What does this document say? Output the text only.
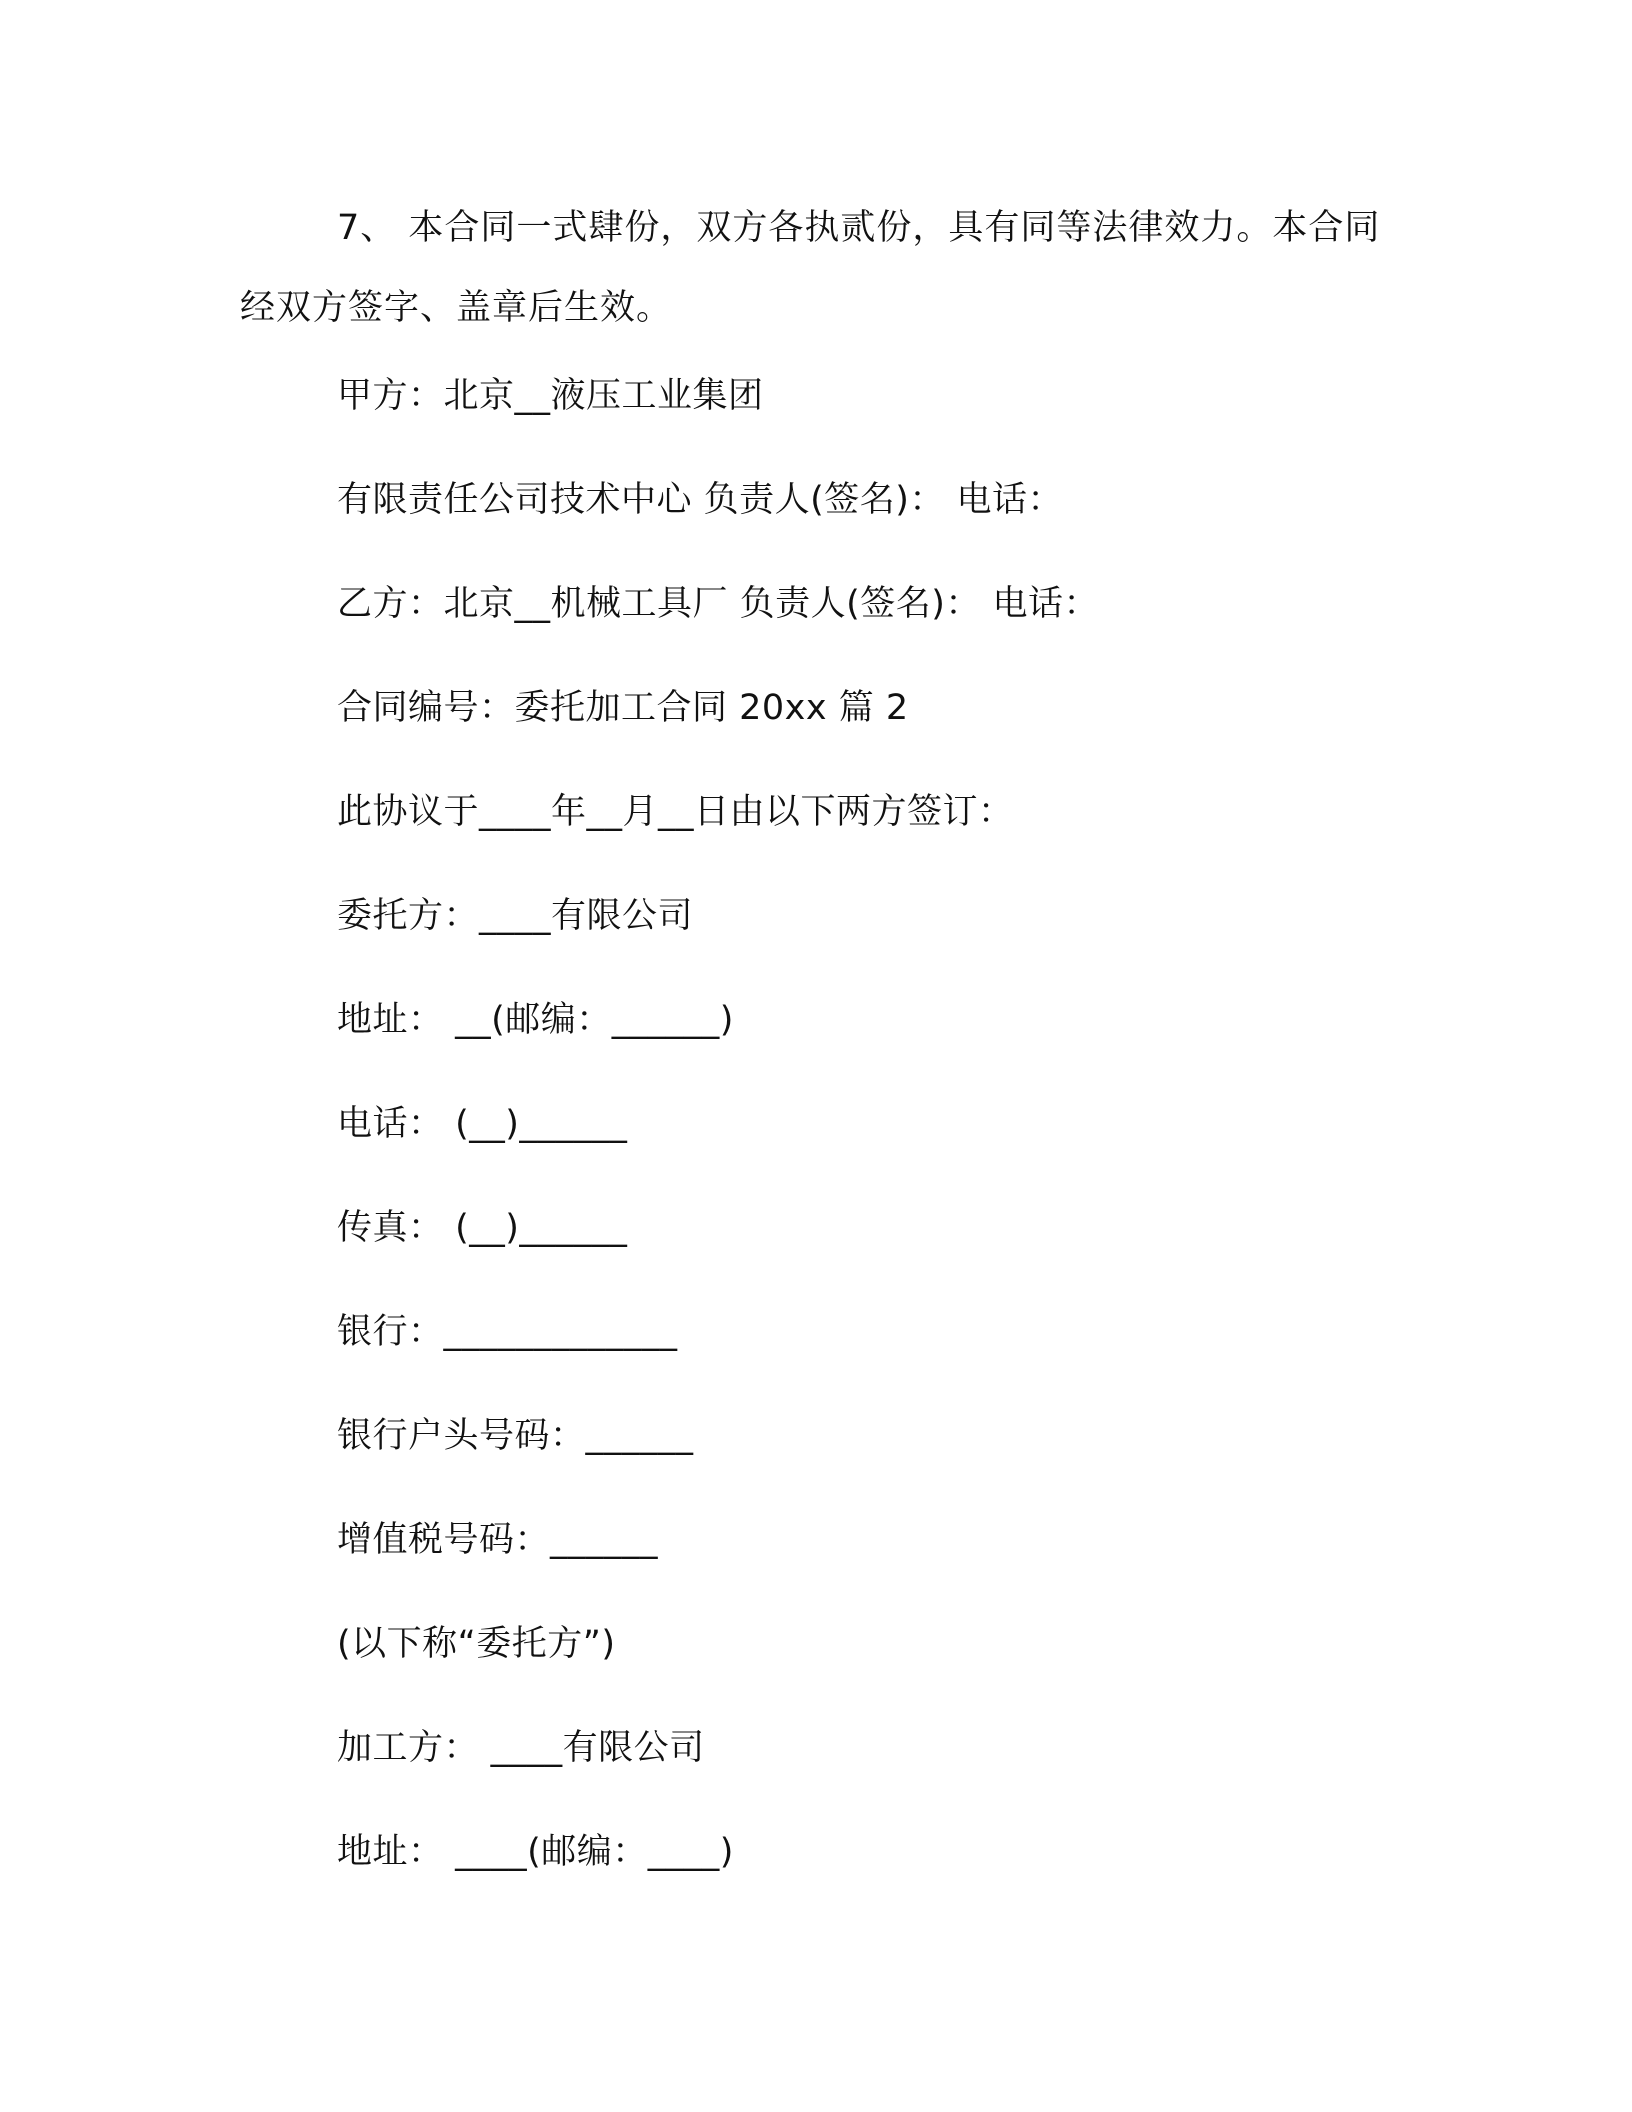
7、 本合同一式肆份，双方各执贰份，具有同等法律效力。本合同经双方签字、盖章后生效。

甲方：北京__液压工业集团
有限责任公司技术中心 负责人(签名)： 电话：
乙方：北京__机械工具厂 负责人(签名)： 电话：
合同编号：委托加工合同 20xx 篇 2
此协议于____年__月__日由以下两方签订：
委托方：____有限公司
地址： __(邮编：______)
电话： (__)______
传真： (__)______
银行：_____________
银行户头号码：______
增值税号码：______
(以下称“委托方”)
加工方： ____有限公司
地址： ____(邮编：____)
